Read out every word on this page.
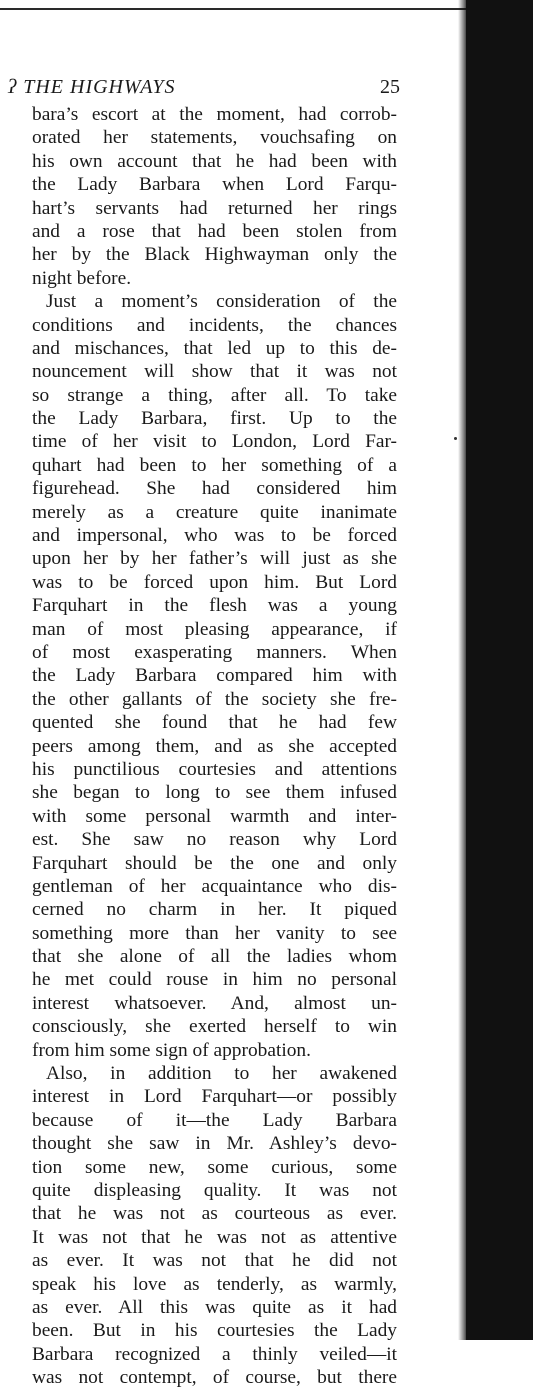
ʔ THE HIGHWAYS	25
bara’s escort at the moment, had corrob-
orated her statements, vouchsafing on
his own account that he had been with
the Lady Barbara when Lord Farqu-
hart’s servants had returned her rings
and a rose that had been stolen from
her by the Black Highwayman only the
night before.
Just a moment’s consideration of the
conditions and incidents, the chances
and mischances, that led up to this de-
nouncement will show that it was not
so strange a thing, after all. To take
the Lady Barbara, first. Up to the
time of her visit to London, Lord Far-
quhart had been to her something of a
figurehead. She had considered him
merely as a creature quite inanimate
and impersonal, who was to be forced
upon her by her father’s will just as she
was to be forced upon him. But Lord
Farquhart in the flesh was a young
man of most pleasing appearance, if
of most exasperating manners. When
the Lady Barbara compared him with
the other gallants of the society she fre-
quented she found that he had few
peers among them, and as she accepted
his punctilious courtesies and attentions
she began to long to see them infused
with some personal warmth and inter-
est. She saw no reason why Lord
Farquhart should be the one and only
gentleman of her acquaintance who dis-
cerned no charm in her. It piqued
something more than her vanity to see
that she alone of all the ladies whom
he met could rouse in him no personal
interest whatsoever. And, almost un-
consciously, she exerted herself to win
from him some sign of approbation.
Also, in addition to her awakened
interest in Lord Farquhart—or possibly
because of it—the Lady Barbara
thought she saw in Mr. Ashley’s devo-
tion some new, some curious, some
quite displeasing quality. It was not
that he was not as courteous as ever.
It was not that he was not as attentive
as ever. It was not that he did not
speak his love as tenderly, as warmly,
as ever. All this was quite as it had
been. But in his courtesies the Lady
Barbara recognized a thinly veiled—it
was not contempt, of course, but there
